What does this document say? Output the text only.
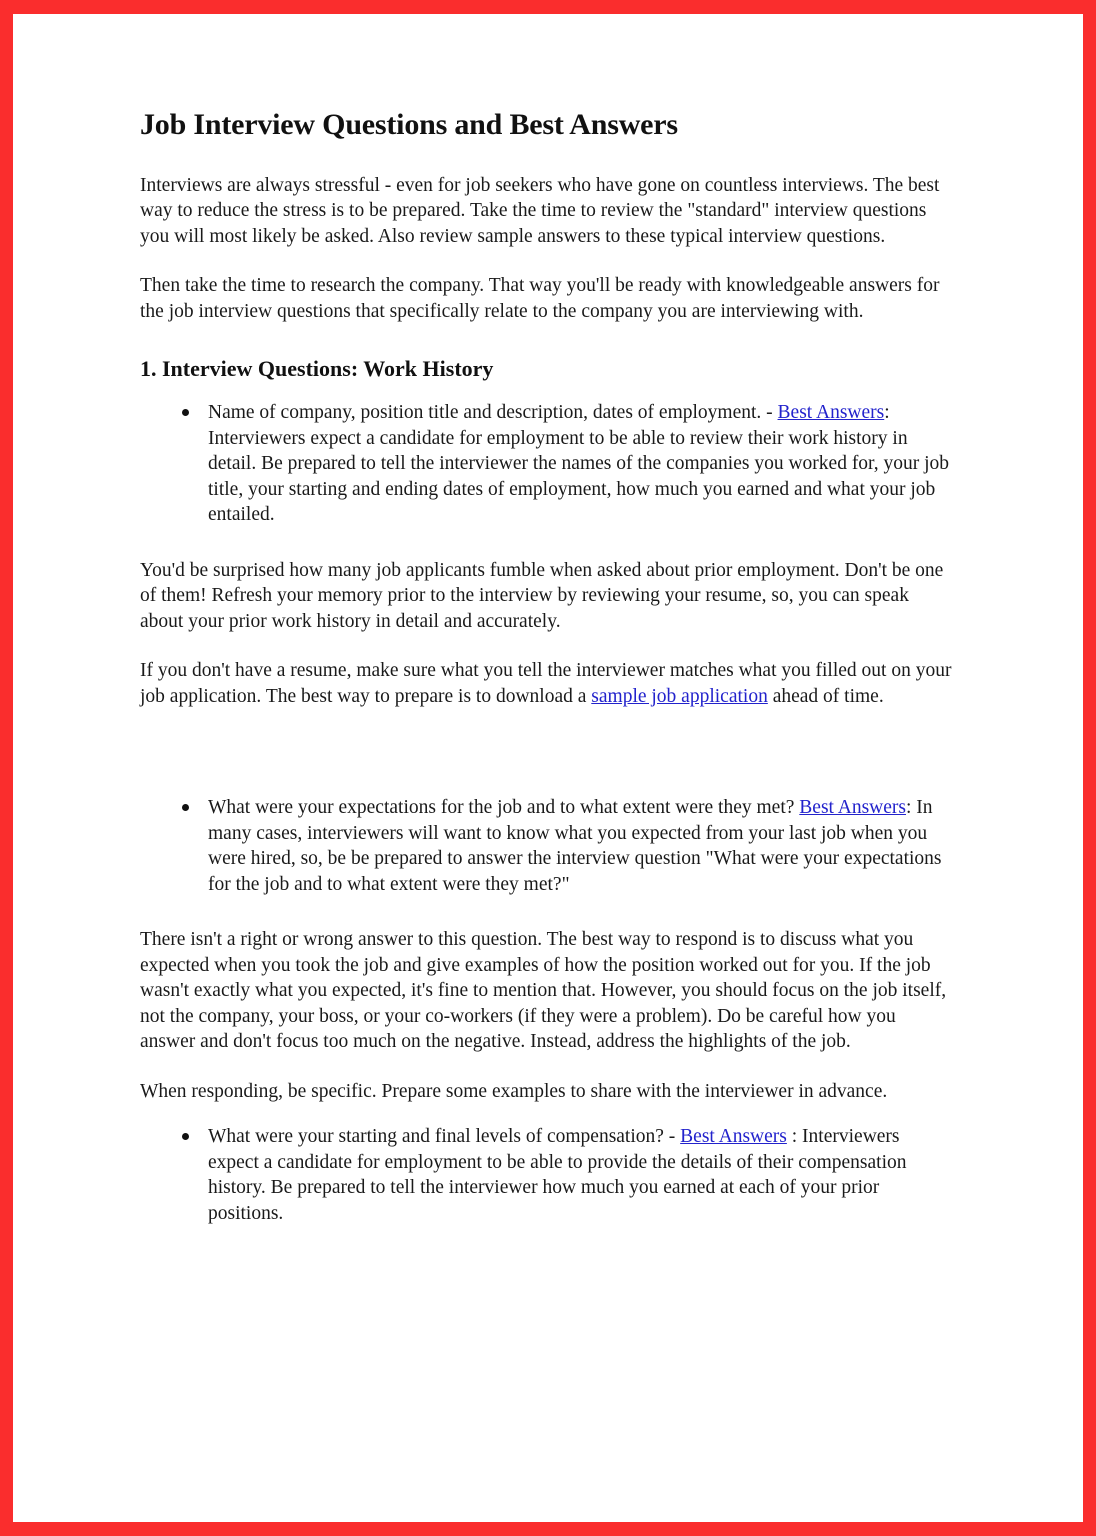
Job Interview Questions and Best Answers

Interviews are always stressful - even for job seekers who have gone on countless interviews. The best way to reduce the stress is to be prepared. Take the time to review the "standard" interview questions you will most likely be asked. Also review sample answers to these typical interview questions.

Then take the time to research the company. That way you'll be ready with knowledgeable answers for the job interview questions that specifically relate to the company you are interviewing with.

1. Interview Questions: Work History
Name of company, position title and description, dates of employment. - Best Answers: Interviewers expect a candidate for employment to be able to review their work history in detail. Be prepared to tell the interviewer the names of the companies you worked for, your job title, your starting and ending dates of employment, how much you earned and what your job entailed.

You'd be surprised how many job applicants fumble when asked about prior employment. Don't be one of them! Refresh your memory prior to the interview by reviewing your resume, so, you can speak about your prior work history in detail and accurately.

If you don't have a resume, make sure what you tell the interviewer matches what you filled out on your job application. The best way to prepare is to download a sample job application ahead of time.

What were your expectations for the job and to what extent were they met? Best Answers: In many cases, interviewers will want to know what you expected from your last job when you were hired, so, be be prepared to answer the interview question "What were your expectations for the job and to what extent were they met?"

There isn't a right or wrong answer to this question. The best way to respond is to discuss what you expected when you took the job and give examples of how the position worked out for you. If the job wasn't exactly what you expected, it's fine to mention that. However, you should focus on the job itself, not the company, your boss, or your co-workers (if they were a problem). Do be careful how you answer and don't focus too much on the negative. Instead, address the highlights of the job.

When responding, be specific. Prepare some examples to share with the interviewer in advance.

What were your starting and final levels of compensation? - Best Answers : Interviewers expect a candidate for employment to be able to provide the details of their compensation history. Be prepared to tell the interviewer how much you earned at each of your prior positions.
